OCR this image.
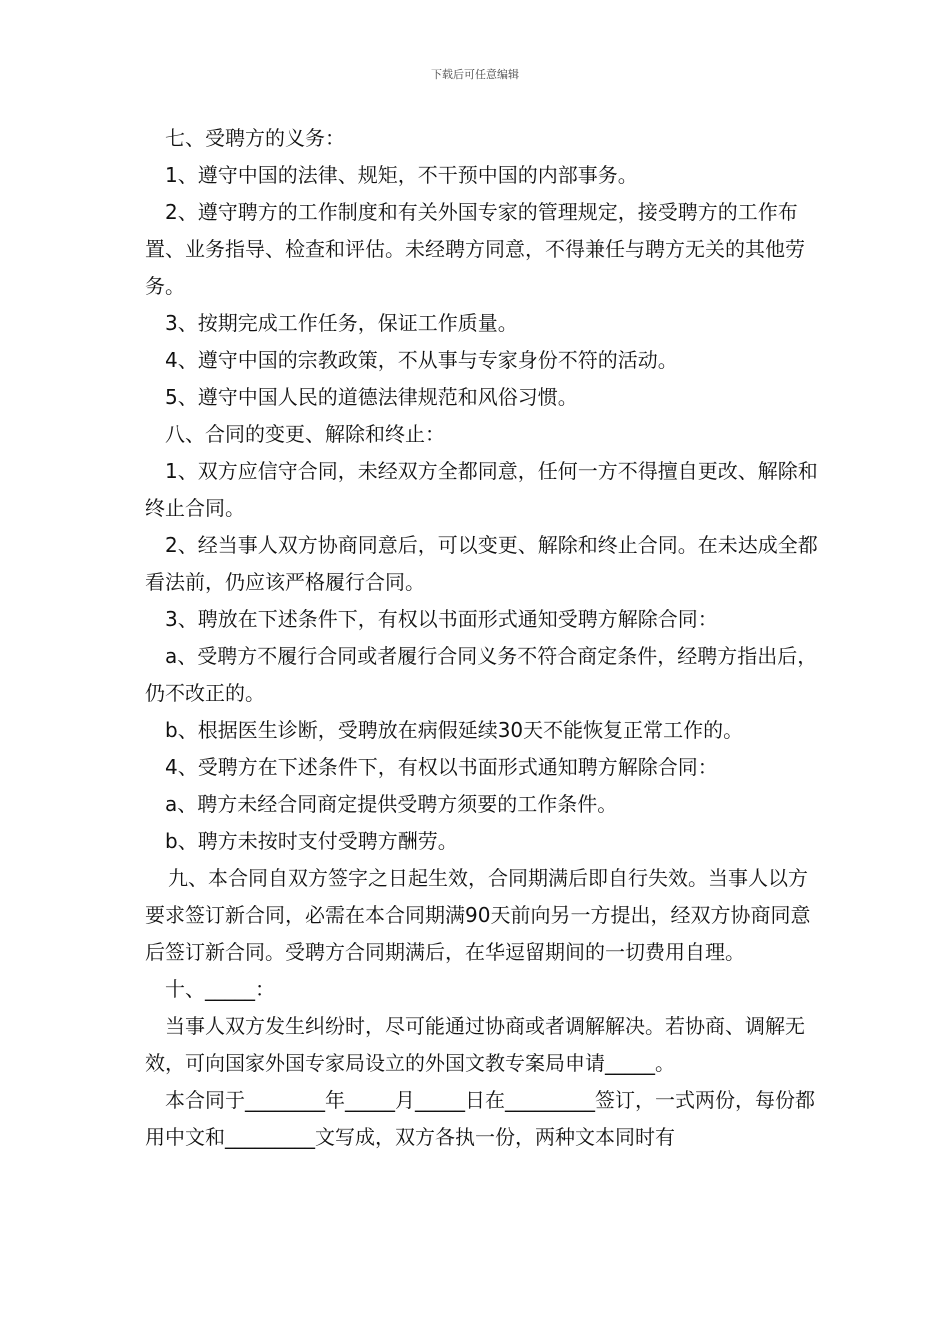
下载后可任意编辑

七、受聘方的义务：

1、遵守中国的法律、规矩，不干预中国的内部事务。

2、遵守聘方的工作制度和有关外国专家的管理规定，接受聘方的工作布置、业务指导、检查和评估。未经聘方同意，不得兼任与聘方无关的其他劳务。

3、按期完成工作任务，保证工作质量。

4、遵守中国的宗教政策，不从事与专家身份不符的活动。

5、遵守中国人民的道德法律规范和风俗习惯。

八、合同的变更、解除和终止：

1、双方应信守合同，未经双方全都同意，任何一方不得擅自更改、解除和终止合同。

2、经当事人双方协商同意后，可以变更、解除和终止合同。在未达成全都看法前，仍应该严格履行合同。

3、聘放在下述条件下，有权以书面形式通知受聘方解除合同：

a、受聘方不履行合同或者履行合同义务不符合商定条件，经聘方指出后，仍不改正的。

b、根据医生诊断，受聘放在病假延续30天不能恢复正常工作的。

4、受聘方在下述条件下，有权以书面形式通知聘方解除合同：

a、聘方未经合同商定提供受聘方须要的工作条件。

b、聘方未按时支付受聘方酬劳。

九、本合同自双方签字之日起生效，合同期满后即自行失效。当事人以方要求签订新合同，必需在本合同期满90天前向另一方提出，经双方协商同意后签订新合同。受聘方合同期满后，在华逗留期间的一切费用自理。

十、_____：

当事人双方发生纠纷时，尽可能通过协商或者调解解决。若协商、调解无效，可向国家外国专家局设立的外国文教专案局申请_____。

本合同于________年_____月_____日在_________签订，一式两份，每份都用中文和_________文写成，双方各执一份，两种文本同时有
